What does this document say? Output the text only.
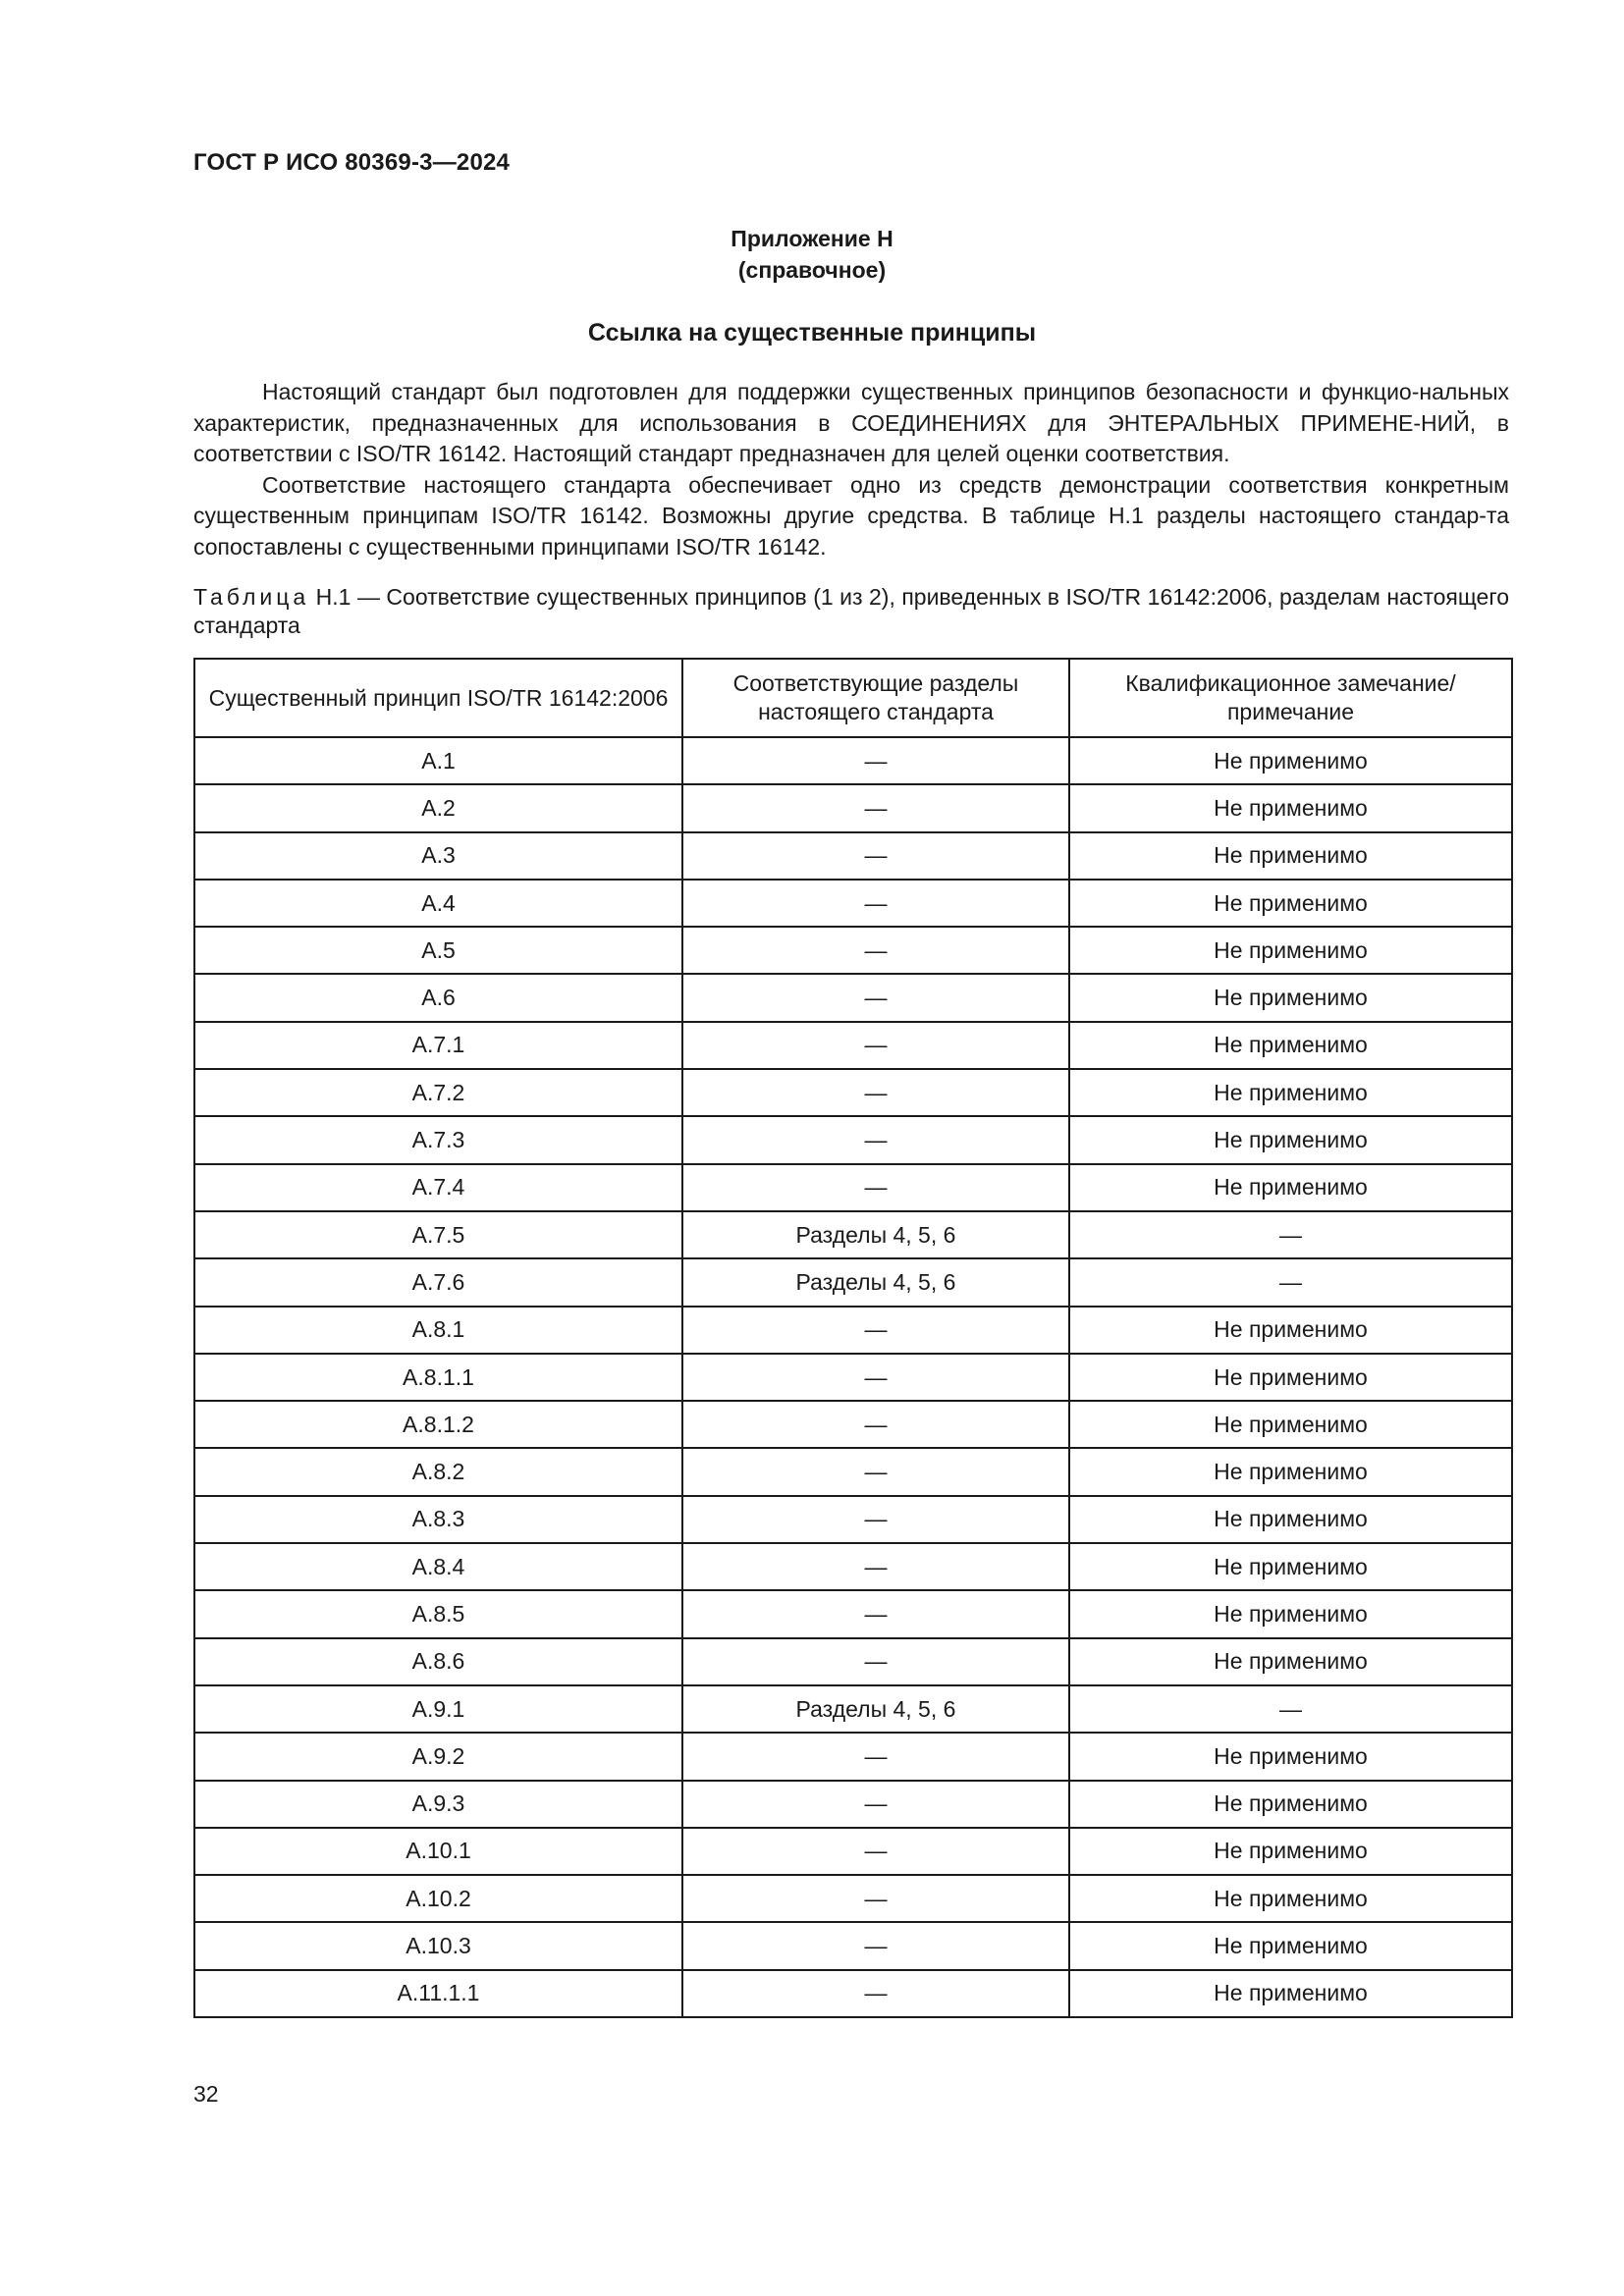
ГОСТ Р ИСО 80369-3—2024
Приложение Н
(справочное)
Ссылка на существенные принципы

Настоящий стандарт был подготовлен для поддержки существенных принципов безопасности и функцио-нальных характеристик, предназначенных для использования в СОЕДИНЕНИЯХ для ЭНТЕРАЛЬНЫХ ПРИМЕНЕ-НИЙ, в соответствии с ISO/TR 16142. Настоящий стандарт предназначен для целей оценки соответствия.

Соответствие настоящего стандарта обеспечивает одно из средств демонстрации соответствия конкретным существенным принципам ISO/TR 16142. Возможны другие средства. В таблице Н.1 разделы настоящего стандар-та сопоставлены с существенными принципами ISO/TR 16142.

Таблица Н.1 — Соответствие существенных принципов (1 из 2), приведенных в ISO/TR 16142:2006, разделам настоящего стандарта
Существенный принцип ISO/TR 16142:2006	Соответствующие разделы настоящего стандарта	Квалификационное замечание/ примечание
A.1	—	Не применимо
A.2	—	Не применимо
A.3	—	Не применимо
A.4	—	Не применимо
A.5	—	Не применимо
A.6	—	Не применимо
A.7.1	—	Не применимо
A.7.2	—	Не применимо
A.7.3	—	Не применимо
A.7.4	—	Не применимо
A.7.5	Разделы 4, 5, 6	—
A.7.6	Разделы 4, 5, 6	—
A.8.1	—	Не применимо
A.8.1.1	—	Не применимо
A.8.1.2	—	Не применимо
A.8.2	—	Не применимо
A.8.3	—	Не применимо
A.8.4	—	Не применимо
A.8.5	—	Не применимо
A.8.6	—	Не применимо
A.9.1	Разделы 4, 5, 6	—
A.9.2	—	Не применимо
A.9.3	—	Не применимо
A.10.1	—	Не применимо
A.10.2	—	Не применимо
A.10.3	—	Не применимо
A.11.1.1	—	Не применимо
32
